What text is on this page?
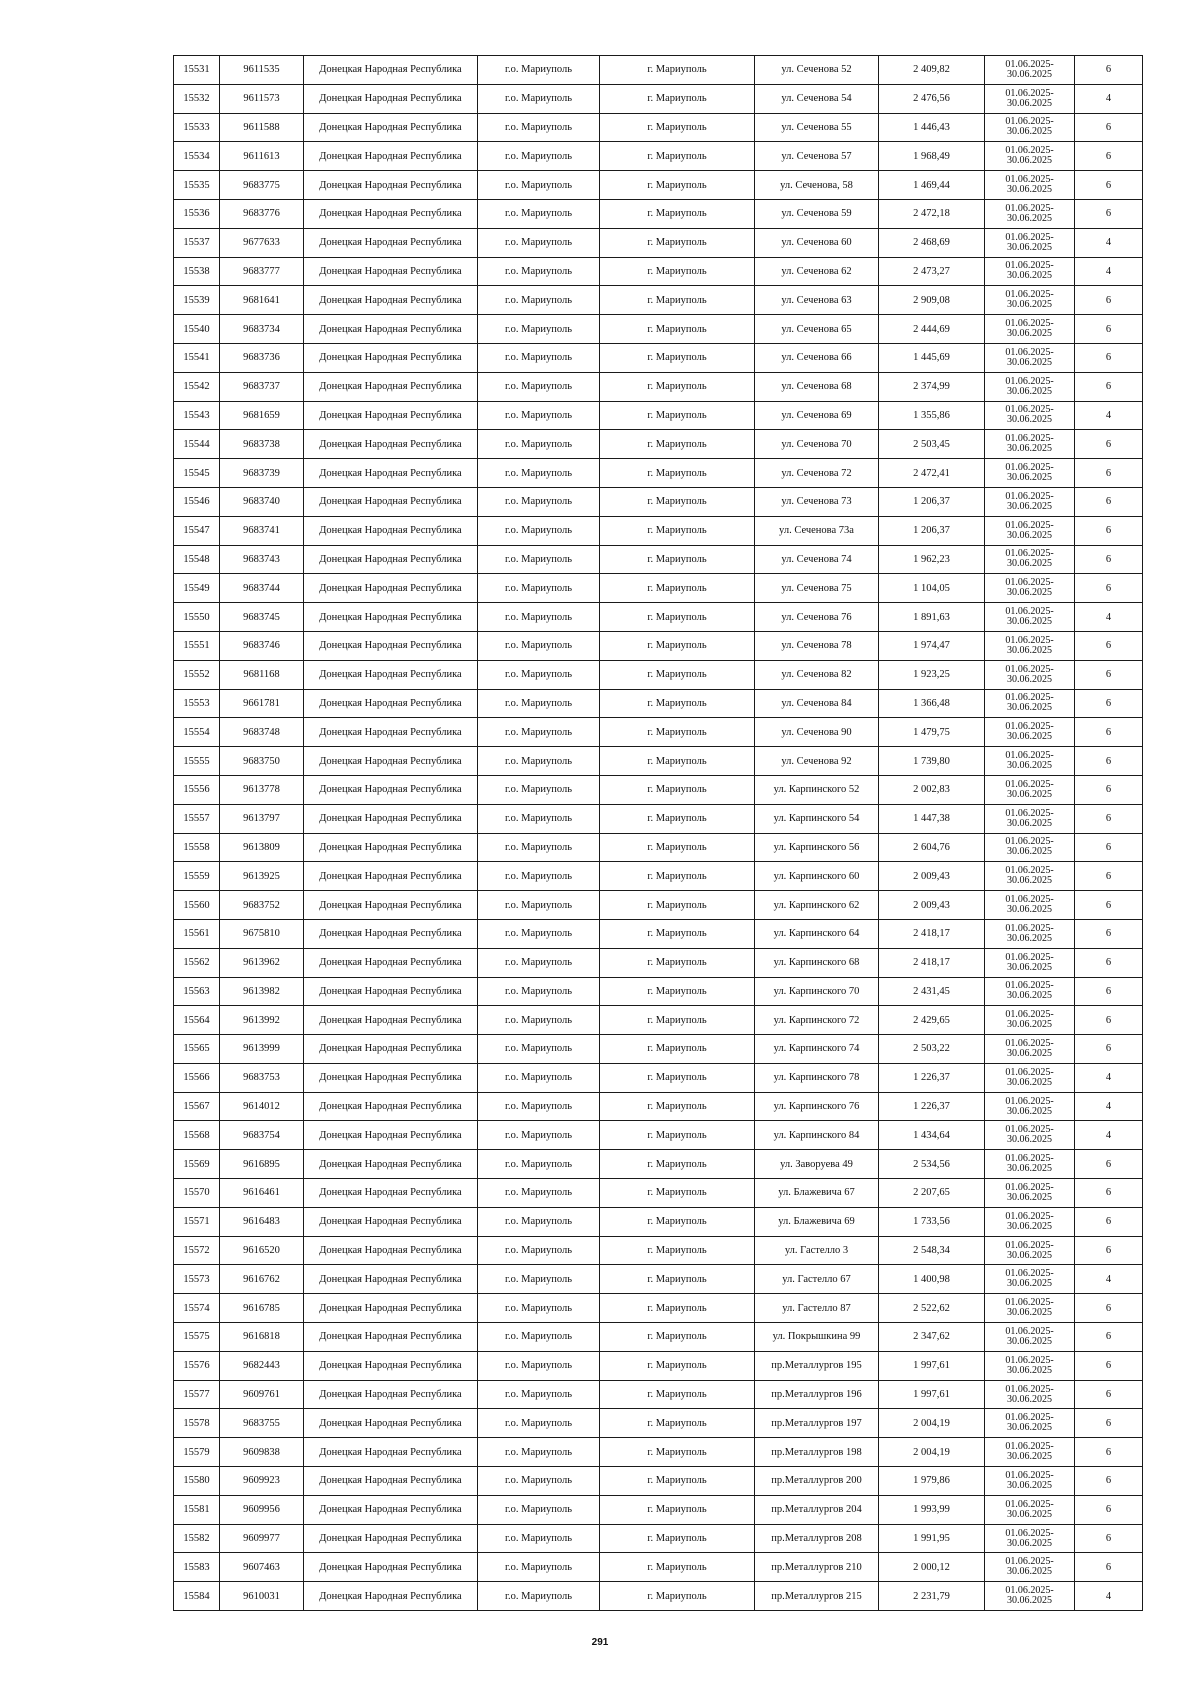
15531	9611535	Донецкая Народная Республика	г.о. Мариуполь	г. Мариуполь	ул. Сеченова 52	2 409,82	01.06.2025-
30.06.2025	6
15532	9611573	Донецкая Народная Республика	г.о. Мариуполь	г. Мариуполь	ул. Сеченова 54	2 476,56	01.06.2025-
30.06.2025	4
15533	9611588	Донецкая Народная Республика	г.о. Мариуполь	г. Мариуполь	ул. Сеченова 55	1 446,43	01.06.2025-
30.06.2025	6
15534	9611613	Донецкая Народная Республика	г.о. Мариуполь	г. Мариуполь	ул. Сеченова 57	1 968,49	01.06.2025-
30.06.2025	6
15535	9683775	Донецкая Народная Республика	г.о. Мариуполь	г. Мариуполь	ул. Сеченова, 58	1 469,44	01.06.2025-
30.06.2025	6
15536	9683776	Донецкая Народная Республика	г.о. Мариуполь	г. Мариуполь	ул. Сеченова 59	2 472,18	01.06.2025-
30.06.2025	6
15537	9677633	Донецкая Народная Республика	г.о. Мариуполь	г. Мариуполь	ул. Сеченова 60	2 468,69	01.06.2025-
30.06.2025	4
15538	9683777	Донецкая Народная Республика	г.о. Мариуполь	г. Мариуполь	ул. Сеченова 62	2 473,27	01.06.2025-
30.06.2025	4
15539	9681641	Донецкая Народная Республика	г.о. Мариуполь	г. Мариуполь	ул. Сеченова 63	2 909,08	01.06.2025-
30.06.2025	6
15540	9683734	Донецкая Народная Республика	г.о. Мариуполь	г. Мариуполь	ул. Сеченова 65	2 444,69	01.06.2025-
30.06.2025	6
15541	9683736	Донецкая Народная Республика	г.о. Мариуполь	г. Мариуполь	ул. Сеченова 66	1 445,69	01.06.2025-
30.06.2025	6
15542	9683737	Донецкая Народная Республика	г.о. Мариуполь	г. Мариуполь	ул. Сеченова 68	2 374,99	01.06.2025-
30.06.2025	6
15543	9681659	Донецкая Народная Республика	г.о. Мариуполь	г. Мариуполь	ул. Сеченова 69	1 355,86	01.06.2025-
30.06.2025	4
15544	9683738	Донецкая Народная Республика	г.о. Мариуполь	г. Мариуполь	ул. Сеченова 70	2 503,45	01.06.2025-
30.06.2025	6
15545	9683739	Донецкая Народная Республика	г.о. Мариуполь	г. Мариуполь	ул. Сеченова 72	2 472,41	01.06.2025-
30.06.2025	6
15546	9683740	Донецкая Народная Республика	г.о. Мариуполь	г. Мариуполь	ул. Сеченова 73	1 206,37	01.06.2025-
30.06.2025	6
15547	9683741	Донецкая Народная Республика	г.о. Мариуполь	г. Мариуполь	ул. Сеченова 73а	1 206,37	01.06.2025-
30.06.2025	6
15548	9683743	Донецкая Народная Республика	г.о. Мариуполь	г. Мариуполь	ул. Сеченова 74	1 962,23	01.06.2025-
30.06.2025	6
15549	9683744	Донецкая Народная Республика	г.о. Мариуполь	г. Мариуполь	ул. Сеченова 75	1 104,05	01.06.2025-
30.06.2025	6
15550	9683745	Донецкая Народная Республика	г.о. Мариуполь	г. Мариуполь	ул. Сеченова 76	1 891,63	01.06.2025-
30.06.2025	4
15551	9683746	Донецкая Народная Республика	г.о. Мариуполь	г. Мариуполь	ул. Сеченова 78	1 974,47	01.06.2025-
30.06.2025	6
15552	9681168	Донецкая Народная Республика	г.о. Мариуполь	г. Мариуполь	ул. Сеченова 82	1 923,25	01.06.2025-
30.06.2025	6
15553	9661781	Донецкая Народная Республика	г.о. Мариуполь	г. Мариуполь	ул. Сеченова 84	1 366,48	01.06.2025-
30.06.2025	6
15554	9683748	Донецкая Народная Республика	г.о. Мариуполь	г. Мариуполь	ул. Сеченова 90	1 479,75	01.06.2025-
30.06.2025	6
15555	9683750	Донецкая Народная Республика	г.о. Мариуполь	г. Мариуполь	ул. Сеченова 92	1 739,80	01.06.2025-
30.06.2025	6
15556	9613778	Донецкая Народная Республика	г.о. Мариуполь	г. Мариуполь	ул. Карпинского 52	2 002,83	01.06.2025-
30.06.2025	6
15557	9613797	Донецкая Народная Республика	г.о. Мариуполь	г. Мариуполь	ул. Карпинского 54	1 447,38	01.06.2025-
30.06.2025	6
15558	9613809	Донецкая Народная Республика	г.о. Мариуполь	г. Мариуполь	ул. Карпинского 56	2 604,76	01.06.2025-
30.06.2025	6
15559	9613925	Донецкая Народная Республика	г.о. Мариуполь	г. Мариуполь	ул. Карпинского 60	2 009,43	01.06.2025-
30.06.2025	6
15560	9683752	Донецкая Народная Республика	г.о. Мариуполь	г. Мариуполь	ул. Карпинского 62	2 009,43	01.06.2025-
30.06.2025	6
15561	9675810	Донецкая Народная Республика	г.о. Мариуполь	г. Мариуполь	ул. Карпинского 64	2 418,17	01.06.2025-
30.06.2025	6
15562	9613962	Донецкая Народная Республика	г.о. Мариуполь	г. Мариуполь	ул. Карпинского 68	2 418,17	01.06.2025-
30.06.2025	6
15563	9613982	Донецкая Народная Республика	г.о. Мариуполь	г. Мариуполь	ул. Карпинского 70	2 431,45	01.06.2025-
30.06.2025	6
15564	9613992	Донецкая Народная Республика	г.о. Мариуполь	г. Мариуполь	ул. Карпинского 72	2 429,65	01.06.2025-
30.06.2025	6
15565	9613999	Донецкая Народная Республика	г.о. Мариуполь	г. Мариуполь	ул. Карпинского 74	2 503,22	01.06.2025-
30.06.2025	6
15566	9683753	Донецкая Народная Республика	г.о. Мариуполь	г. Мариуполь	ул. Карпинского 78	1 226,37	01.06.2025-
30.06.2025	4
15567	9614012	Донецкая Народная Республика	г.о. Мариуполь	г. Мариуполь	ул. Карпинского 76	1 226,37	01.06.2025-
30.06.2025	4
15568	9683754	Донецкая Народная Республика	г.о. Мариуполь	г. Мариуполь	ул. Карпинского 84	1 434,64	01.06.2025-
30.06.2025	4
15569	9616895	Донецкая Народная Республика	г.о. Мариуполь	г. Мариуполь	ул. Заворуева 49	2 534,56	01.06.2025-
30.06.2025	6
15570	9616461	Донецкая Народная Республика	г.о. Мариуполь	г. Мариуполь	ул. Блажевича 67	2 207,65	01.06.2025-
30.06.2025	6
15571	9616483	Донецкая Народная Республика	г.о. Мариуполь	г. Мариуполь	ул. Блажевича 69	1 733,56	01.06.2025-
30.06.2025	6
15572	9616520	Донецкая Народная Республика	г.о. Мариуполь	г. Мариуполь	ул. Гастелло 3	2 548,34	01.06.2025-
30.06.2025	6
15573	9616762	Донецкая Народная Республика	г.о. Мариуполь	г. Мариуполь	ул. Гастелло 67	1 400,98	01.06.2025-
30.06.2025	4
15574	9616785	Донецкая Народная Республика	г.о. Мариуполь	г. Мариуполь	ул. Гастелло 87	2 522,62	01.06.2025-
30.06.2025	6
15575	9616818	Донецкая Народная Республика	г.о. Мариуполь	г. Мариуполь	ул. Покрышкина 99	2 347,62	01.06.2025-
30.06.2025	6
15576	9682443	Донецкая Народная Республика	г.о. Мариуполь	г. Мариуполь	пр.Металлургов 195	1 997,61	01.06.2025-
30.06.2025	6
15577	9609761	Донецкая Народная Республика	г.о. Мариуполь	г. Мариуполь	пр.Металлургов 196	1 997,61	01.06.2025-
30.06.2025	6
15578	9683755	Донецкая Народная Республика	г.о. Мариуполь	г. Мариуполь	пр.Металлургов 197	2 004,19	01.06.2025-
30.06.2025	6
15579	9609838	Донецкая Народная Республика	г.о. Мариуполь	г. Мариуполь	пр.Металлургов 198	2 004,19	01.06.2025-
30.06.2025	6
15580	9609923	Донецкая Народная Республика	г.о. Мариуполь	г. Мариуполь	пр.Металлургов 200	1 979,86	01.06.2025-
30.06.2025	6
15581	9609956	Донецкая Народная Республика	г.о. Мариуполь	г. Мариуполь	пр.Металлургов 204	1 993,99	01.06.2025-
30.06.2025	6
15582	9609977	Донецкая Народная Республика	г.о. Мариуполь	г. Мариуполь	пр.Металлургов 208	1 991,95	01.06.2025-
30.06.2025	6
15583	9607463	Донецкая Народная Республика	г.о. Мариуполь	г. Мариуполь	пр.Металлургов 210	2 000,12	01.06.2025-
30.06.2025	6
15584	9610031	Донецкая Народная Республика	г.о. Мариуполь	г. Мариуполь	пр.Металлургов 215	2 231,79	01.06.2025-
30.06.2025	4
291
